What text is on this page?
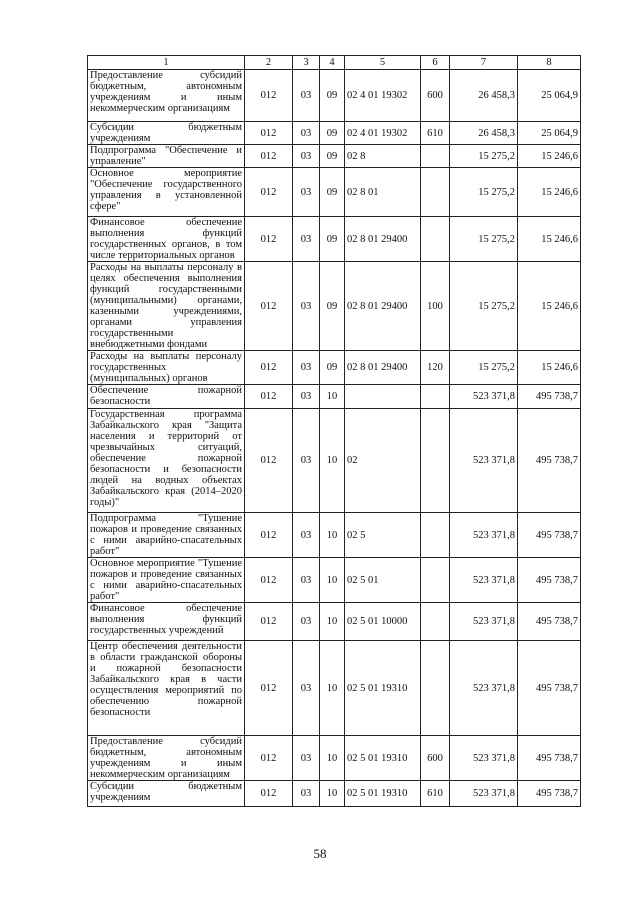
1	2	3	4	5	6	7	8
Предоставление субсидий бюджетным, автономным учреждениям и иным некоммерческим организациям	012	03	09	02 4 01 19302	600	26 458,3	25 064,9
Субсидии бюджетным учреждениям	012	03	09	02 4 01 19302	610	26 458,3	25 064,9
Подпрограмма "Обеспечение и управление"	012	03	09	02 8		15 275,2	15 246,6
Основное мероприятие "Обеспечение государственного управления в установленной сфере"	012	03	09	02 8 01		15 275,2	15 246,6
Финансовое обеспечение выполнения функций государственных органов, в том числе территориальных органов	012	03	09	02 8 01 29400		15 275,2	15 246,6
Расходы на выплаты персоналу в целях обеспечения выполнения функций государственными (муниципальными) органами, казенными учреждениями, органами управления государственными внебюджетными фондами	012	03	09	02 8 01 29400	100	15 275,2	15 246,6
Расходы на выплаты персоналу государственных (муниципальных) органов	012	03	09	02 8 01 29400	120	15 275,2	15 246,6
Обеспечение пожарной безопасности	012	03	10			523 371,8	495 738,7
Государственная программа Забайкальского края "Защита населения и территорий от чрезвычайных ситуаций, обеспечение пожарной безопасности и безопасности людей на водных объектах Забайкальского края (2014–2020 годы)"	012	03	10	02		523 371,8	495 738,7
Подпрограмма "Тушение пожаров и проведение связанных с ними аварийно-спасательных работ"	012	03	10	02 5		523 371,8	495 738,7
Основное мероприятие "Тушение пожаров и проведение связанных с ними аварийно-спасательных работ"	012	03	10	02 5 01		523 371,8	495 738,7
Финансовое обеспечение выполнения функций государственных учреждений	012	03	10	02 5 01 10000		523 371,8	495 738,7
Центр обеспечения деятельности в области гражданской обороны и пожарной безопасности Забайкальского края в части осуществления мероприятий по обеспечению пожарной безопасности	012	03	10	02 5 01 19310		523 371,8	495 738,7
Предоставление субсидий бюджетным, автономным учреждениям и иным некоммерческим организациям	012	03	10	02 5 01 19310	600	523 371,8	495 738,7
Субсидии бюджетным учреждениям	012	03	10	02 5 01 19310	610	523 371,8	495 738,7
58
